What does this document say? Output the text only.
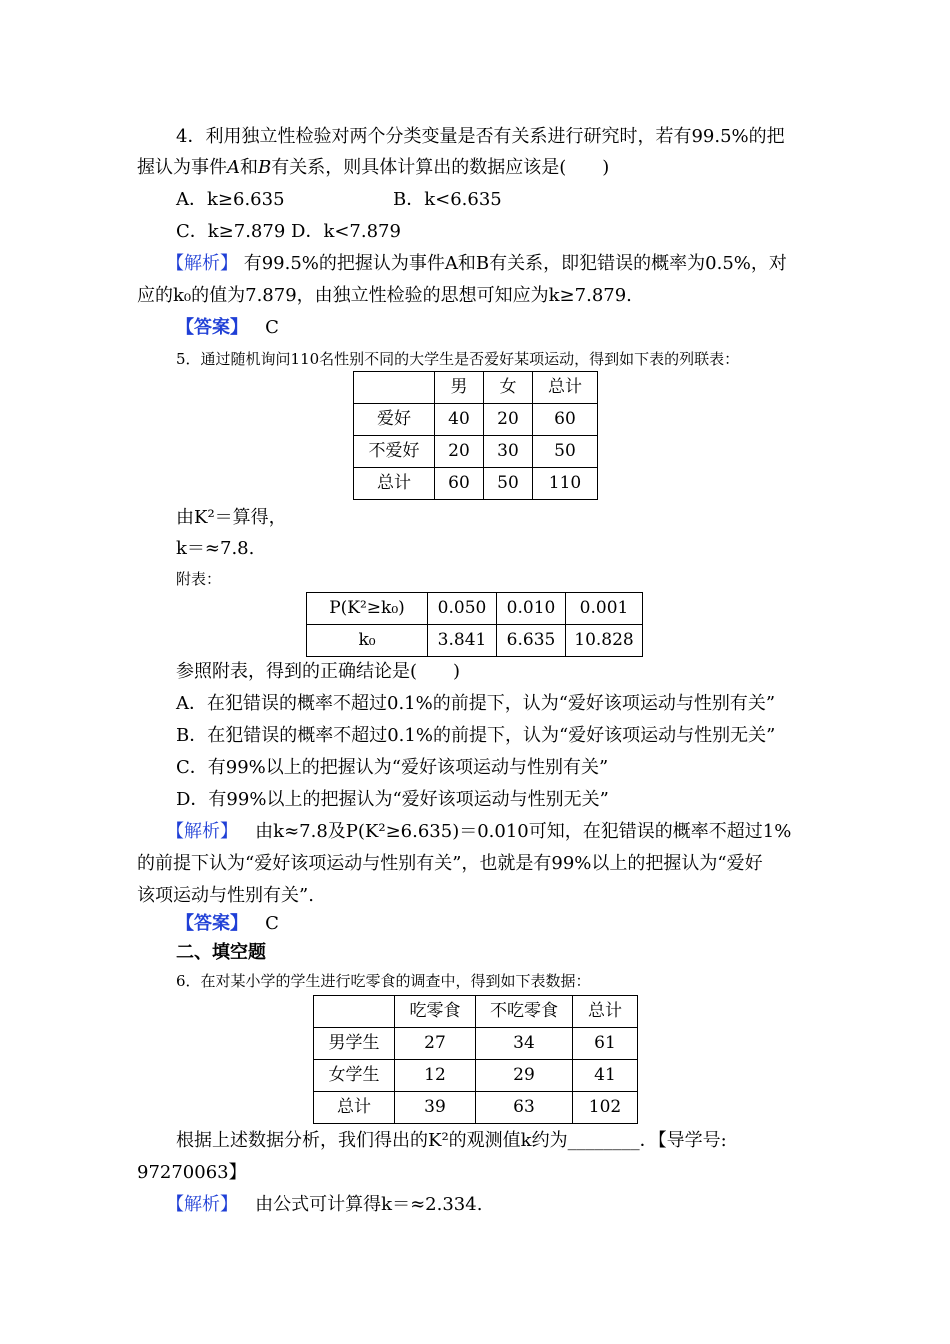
4．利用独立性检验对两个分类变量是否有关系进行研究时，若有99.5%的把
握认为事件A和B有关系，则具体计算出的数据应该是(　　)
A．k≥6.635	B．k<6.635
C．k≥7.879 D．k<7.879
【解析】 有99.5%的把握认为事件A和B有关系，即犯错误的概率为0.5%，对
应的k₀的值为7.879，由独立性检验的思想可知应为k≥7.879.
【答案】 C
5．通过随机询问110名性别不同的大学生是否爱好某项运动，得到如下表的列联表：
	男	女	总计
爱好	40	20	60
不爱好	20	30	50
总计	60	50	110
由K²＝算得，
k＝≈7.8.
附表：
P(K²≥k₀)	0.050	0.010	0.001
k₀	3.841	6.635	10.828
参照附表，得到的正确结论是(　　)
A．在犯错误的概率不超过0.1%的前提下，认为“爱好该项运动与性别有关”
B．在犯错误的概率不超过0.1%的前提下，认为“爱好该项运动与性别无关”
C．有99%以上的把握认为“爱好该项运动与性别有关”
D．有99%以上的把握认为“爱好该项运动与性别无关”
【解析】 由k≈7.8及P(K²≥6.635)＝0.010可知，在犯错误的概率不超过1%
的前提下认为“爱好该项运动与性别有关”，也就是有99%以上的把握认为“爱好
该项运动与性别有关”.
【答案】 C
二、填空题
6．在对某小学的学生进行吃零食的调查中，得到如下表数据：
	吃零食	不吃零食	总计
男学生	27	34	61
女学生	12	29	41
总计	39	63	102
根据上述数据分析，我们得出的K²的观测值k约为________．【导学号:
97270063】
【解析】 由公式可计算得k＝≈2.334.
